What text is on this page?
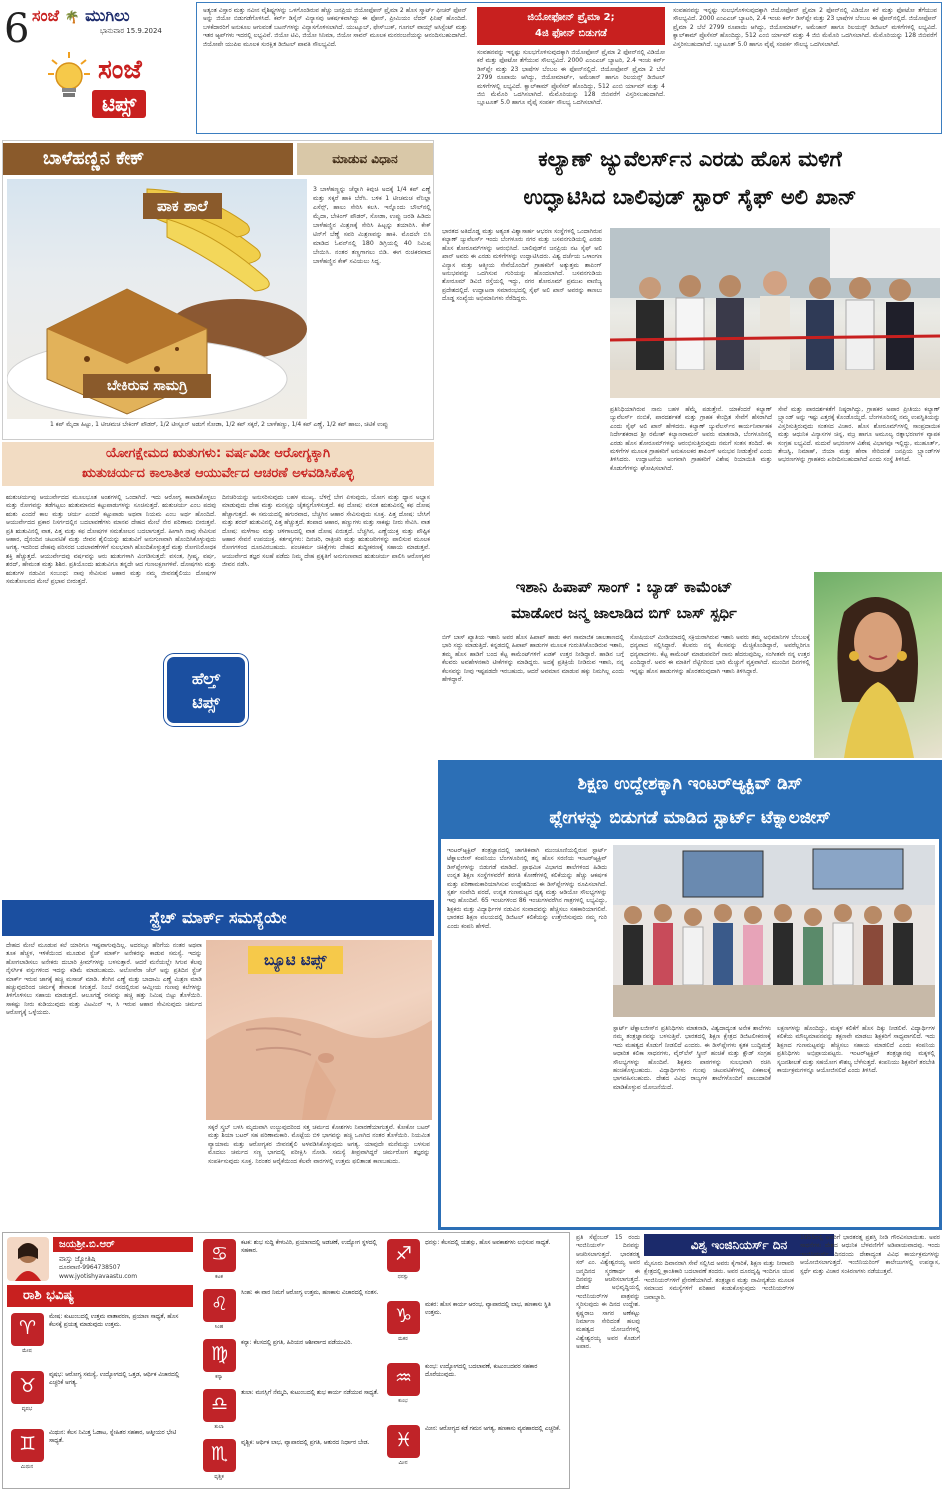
6 ಸಂಜೆ 🌴 ಮುಗಿಲು
ಭಾನುವಾರ 15.9.2024
ಸಂಜೆ
ಟಿಪ್ಸ್
ಅತ್ಯಂತ ವಿಸ್ತಾರ ಮತ್ತು ನವೀನ ವೈಶಿಷ್ಟ್ಯಗಳನ್ನು ಒಳಗೊಂಡಿರುವ ಹೆಚ್ಚು ಜನಪ್ರಿಯ ಜಿಯೋಫೋನ್ ಪ್ರೈಮಾ 2 ಹೊಸ ಸ್ಮಾರ್ಟ್ ಫೀಚರ್ ಫೋನ್ ಅನ್ನು ಜಿಯೋ ಬಿಡುಗಡೆಗೊಳಿಸಿದೆ. ಕರ್ವ್ ಡಿಸೈನ್ ವಿನ್ಯಾಸವು ಆಕರ್ಷಕವಾಗಿದ್ದು ಈ ಫೋನ್, ಪ್ರೀಮಿಯಂ ಲೆದರ್ ಫಿನಿಷ್ ಹೊಂದಿದೆ. ಬಳಕೆದಾರರಿಗೆ ಅನುಕೂಲ ಆಗುವಂತೆ ಬಟನ್‌ಗಳನ್ನು ವಿನ್ಯಾಸಗೊಳಿಸಲಾಗಿದೆ. ಯುಟ್ಯೂಬ್, ಫೇಸ್‌ಬುಕ್, ಗೂಗಲ್ ವಾಯ್ಸ್ ಅಸಿಸ್ಟೆಂಟ್ ಮತ್ತು ಇತರ ಆ್ಯಪ್‌ಗಳು ಇದರಲ್ಲಿ ಲಭ್ಯವಿವೆ. ಜಿಯೋ ಟಿವಿ, ಜಿಯೋ ಸಿನಿಮಾ, ಜಿಯೋ ಸಾವನ್ ಮೂಲಕ ಮನರಂಜನೆಯನ್ನು ಆನಂದಿಸಬಹುದಾಗಿದೆ. ಜಿಯೋಪೇ ಯುಪಿಐ ಮೂಲಕ ಸುರಕ್ಷಿತ ಡಿಜಿಟಲ್ ಪಾವತಿ ಸೌಲಭ್ಯವಿದೆ.
ಜಿಯೋಫೋನ್ ಪ್ರೈಮಾ 2;
4ಜಿ ಫೋನ್ ಬಿಡುಗಡೆ
ಸಂವಹನವನ್ನು ಇನ್ನಷ್ಟು ಸುಲಭಗೊಳಿಸುವುದಕ್ಕಾಗಿ ಜಿಯೋಫೋನ್ ಪ್ರೈಮಾ 2 ಫೋನ್‌ನಲ್ಲಿ ವಿಡಿಯೋ ಕರೆ ಮತ್ತು ಫೋಟೋ ತೆಗೆಯುವ ಸೌಲಭ್ಯವಿದೆ. 2000 ಎಂಎಎಚ್ ಬ್ಯಾಟರಿ, 2.4 ಇಂಚು ಕರ್ವ್ ಡಿಸ್‌ಪ್ಲೇ ಮತ್ತು 23 ಭಾಷೆಗಳ ಬೆಂಬಲ ಈ ಫೋನ್‌ನಲ್ಲಿದೆ. ಜಿಯೋಫೋನ್ ಪ್ರೈಮಾ 2 ಬೆಲೆ 2799 ರೂಪಾಯಿ ಆಗಿದ್ದು, ಜಿಯೋಮಾರ್ಟ್, ಅಮೆಜಾನ್ ಹಾಗೂ ರಿಲಯನ್ಸ್ ಡಿಜಿಟಲ್ ಮಳಿಗೆಗಳಲ್ಲಿ ಲಭ್ಯವಿದೆ. ಕ್ವಾಲ್‌ಕಾಮ್ ಪ್ರೊಸೆಸರ್ ಹೊಂದಿದ್ದು, 512 ಎಂಬಿ ರ್ಯಾಮ್ ಮತ್ತು 4 ಜಿಬಿ ಮೆಮೊರಿ ಒದಗಿಸಲಾಗಿದೆ. ಮೆಮೊರಿಯನ್ನು 128 ಜಿಬಿವರೆಗೆ ವಿಸ್ತರಿಸಬಹುದಾಗಿದೆ. ಬ್ಲೂಟೂತ್ 5.0 ಹಾಗೂ ವೈಫೈ ಸಂಪರ್ಕ ಸೌಲಭ್ಯ ಒದಗಿಸಲಾಗಿದೆ.
ಸಂವಹನವನ್ನು ಇನ್ನಷ್ಟು ಸುಲಭಗೊಳಿಸುವುದಕ್ಕಾಗಿ ಜಿಯೋಫೋನ್ ಪ್ರೈಮಾ 2 ಫೋನ್‌ನಲ್ಲಿ ವಿಡಿಯೋ ಕರೆ ಮತ್ತು ಫೋಟೋ ತೆಗೆಯುವ ಸೌಲಭ್ಯವಿದೆ. 2000 ಎಂಎಎಚ್ ಬ್ಯಾಟರಿ, 2.4 ಇಂಚು ಕರ್ವ್ ಡಿಸ್‌ಪ್ಲೇ ಮತ್ತು 23 ಭಾಷೆಗಳ ಬೆಂಬಲ ಈ ಫೋನ್‌ನಲ್ಲಿದೆ. ಜಿಯೋಫೋನ್ ಪ್ರೈಮಾ 2 ಬೆಲೆ 2799 ರೂಪಾಯಿ ಆಗಿದ್ದು, ಜಿಯೋಮಾರ್ಟ್, ಅಮೆಜಾನ್ ಹಾಗೂ ರಿಲಯನ್ಸ್ ಡಿಜಿಟಲ್ ಮಳಿಗೆಗಳಲ್ಲಿ ಲಭ್ಯವಿದೆ. ಕ್ವಾಲ್‌ಕಾಮ್ ಪ್ರೊಸೆಸರ್ ಹೊಂದಿದ್ದು, 512 ಎಂಬಿ ರ್ಯಾಮ್ ಮತ್ತು 4 ಜಿಬಿ ಮೆಮೊರಿ ಒದಗಿಸಲಾಗಿದೆ. ಮೆಮೊರಿಯನ್ನು 128 ಜಿಬಿವರೆಗೆ ವಿಸ್ತರಿಸಬಹುದಾಗಿದೆ. ಬ್ಲೂಟೂತ್ 5.0 ಹಾಗೂ ವೈಫೈ ಸಂಪರ್ಕ ಸೌಲಭ್ಯ ಒದಗಿಸಲಾಗಿದೆ.
ಬಾಳೆಹಣ್ಣಿನ ಕೇಕ್	ಮಾಡುವ ವಿಧಾನ
ಪಾಕ ಶಾಲೆ
ಬೇಕಿರುವ ಸಾಮಗ್ರಿ
3 ಬಾಳೆಹಣ್ಣನ್ನು ಚೆನ್ನಾಗಿ ಕಿವುಚಿ ಅದಕ್ಕೆ 1/4 ಕಪ್ ಎಣ್ಣೆ ಮತ್ತು ಸಕ್ಕರೆ ಹಾಕಿ ಬೆರೆಸಿ. ಬಳಿಕ 1 ಟೀಚಮಚ ವೆನಿಲ್ಲಾ ಎಸೆನ್ಸ್, ಹಾಲು ಸೇರಿಸಿ ಕಲಸಿ. ಇನ್ನೊಂದು ಬೌಲ್‌ನಲ್ಲಿ ಮೈದಾ, ಬೇಕಿಂಗ್ ಪೌಡರ್, ಸೋಡಾ, ಉಪ್ಪು ಜರಡಿ ಹಿಡಿದು ಬಾಳೆಹಣ್ಣಿನ ಮಿಶ್ರಣಕ್ಕೆ ಸೇರಿಸಿ ಹಿಟ್ಟನ್ನು ತಯಾರಿಸಿ. ಕೇಕ್ ಟಿನ್‌ಗೆ ಬೆಣ್ಣೆ ಸವರಿ ಮಿಶ್ರಣವನ್ನು ಹಾಕಿ. ಮೊದಲೇ ಬಿಸಿ ಮಾಡಿದ ಓವನ್‌ನಲ್ಲಿ 180 ಡಿಗ್ರಿಯಲ್ಲಿ 40 ನಿಮಿಷ ಬೇಯಿಸಿ. ನಂತರ ತಣ್ಣಗಾಗಲು ಬಿಡಿ. ಈಗ ರುಚಿಕರವಾದ ಬಾಳೆಹಣ್ಣಿನ ಕೇಕ್ ಸವಿಯಲು ಸಿದ್ಧ.
1 ಕಪ್ ಮೈದಾ ಹಿಟ್ಟು, 1 ಟೀಚಮಚ ಬೇಕಿಂಗ್ ಪೌಡರ್, 1/2 ಟೀಸ್ಪೂನ್ ಅಡುಗೆ ಸೋಡಾ, 1/2 ಕಪ್ ಸಕ್ಕರೆ, 2 ಬಾಳೆಹಣ್ಣು, 1/4 ಕಪ್ ಎಣ್ಣೆ, 1/2 ಕಪ್ ಹಾಲು, ಚಿಟಿಕೆ ಉಪ್ಪು
ಕಲ್ಯಾಣ್ ಜ್ಯುವೆಲರ್ಸ್‌ನ ಎರಡು ಹೊಸ ಮಳಿಗೆ
ಉದ್ಘಾಟಿಸಿದ ಬಾಲಿವುಡ್ ಸ್ಟಾರ್ ಸೈಫ್ ಅಲಿ ಖಾನ್
ಭಾರತದ ಅತಿದೊಡ್ಡ ಮತ್ತು ಅತ್ಯಂತ ವಿಶ್ವಾಸಾರ್ಹ ಆಭರಣ ಸಂಸ್ಥೆಗಳಲ್ಲಿ ಒಂದಾಗಿರುವ ಕಲ್ಯಾಣ್ ಜ್ಯುವೆಲರ್ಸ್ ಇಂದು ಬೆಂಗಳೂರು ನಗರ ಮತ್ತು ಬಸವನಗುಡಿಯಲ್ಲಿ ಎರಡು ಹೊಸ ಶೋರೂಮ್‌ಗಳನ್ನು ಆರಂಭಿಸಿದೆ. ಬಾಲಿವುಡ್‌ನ ಜನಪ್ರಿಯ ನಟ ಸೈಫ್ ಅಲಿ ಖಾನ್ ಅವರು ಈ ಎರಡು ಮಳಿಗೆಗಳನ್ನು ಉದ್ಘಾಟಿಸಿದರು. ವಿಶ್ವ ದರ್ಜೆಯ ಒಳಾಂಗಣ ವಿನ್ಯಾಸ ಮತ್ತು ಆತ್ಮೀಯ ಸೇವೆಯೊಂದಿಗೆ ಗ್ರಾಹಕರಿಗೆ ಅತ್ಯುತ್ತಮ ಶಾಪಿಂಗ್ ಅನುಭವವನ್ನು ಒದಗಿಸುವ ಗುರಿಯನ್ನು ಹೊಂದಲಾಗಿದೆ. ಬಸವನಗುಡಿಯ ಶೋರೂಮ್ ಡಿವಿಜಿ ರಸ್ತೆಯಲ್ಲಿ ಇದ್ದು, ನಗರ ಶೋರೂಮ್ ಪ್ರಮುಖ ವಾಣಿಜ್ಯ ಪ್ರದೇಶದಲ್ಲಿದೆ. ಉದ್ಘಾಟನಾ ಸಮಾರಂಭದಲ್ಲಿ ಸೈಫ್ ಅಲಿ ಖಾನ್ ಅವರನ್ನು ಕಾಣಲು ದೊಡ್ಡ ಸಂಖ್ಯೆಯ ಅಭಿಮಾನಿಗಳು ನೆರೆದಿದ್ದರು.
ಪ್ರತಿನಿಧಿಯಾಗಿರುವ ನಾನು ಬಹಳ ಹೆಮ್ಮೆ ಪಡುತ್ತೇನೆ. ಯಾಕೆಂದರೆ ಕಲ್ಯಾಣ್ ಜ್ಯುವೆಲರ್ಸ್ ನಂಬಿಕೆ, ಪಾರದರ್ಶಕತೆ ಮತ್ತು ಗ್ರಾಹಕ ಕೇಂದ್ರಿತ ಸೇವೆಗೆ ಹೆಸರಾಗಿದೆ ಎಂದು ಸೈಫ್ ಅಲಿ ಖಾನ್ ಹೇಳಿದರು. ಕಲ್ಯಾಣ್ ಜ್ಯುವೆಲರ್ಸ್‌ನ ಕಾರ್ಯನಿರ್ವಾಹಕ ನಿರ್ದೇಶಕರಾದ ಶ್ರೀ ರಮೇಶ್ ಕಲ್ಯಾಣರಾಮನ್ ಅವರು ಮಾತನಾಡಿ, ಬೆಂಗಳೂರಿನಲ್ಲಿ ಎರಡು ಹೊಸ ಶೋರೂಮ್‌ಗಳನ್ನು ಆರಂಭಿಸುತ್ತಿರುವುದು ನಮಗೆ ಸಂತಸ ತಂದಿದೆ. ಈ ಮಳಿಗೆಗಳ ಮೂಲಕ ಗ್ರಾಹಕರಿಗೆ ಅನುಕೂಲಕರ ಶಾಪಿಂಗ್ ಅನುಭವ ನೀಡುತ್ತೇವೆ ಎಂದು ತಿಳಿಸಿದರು. ಉದ್ಘಾಟನೆಯ ಅಂಗವಾಗಿ ಗ್ರಾಹಕರಿಗೆ ವಿಶೇಷ ರಿಯಾಯಿತಿ ಮತ್ತು ಕೊಡುಗೆಗಳನ್ನು ಘೋಷಿಸಲಾಗಿದೆ.
ಸೇವೆ ಮತ್ತು ಪಾರದರ್ಶಕತೆಗೆ ನಿಷ್ಠರಾಗಿದ್ದು, ಗ್ರಾಹಕರ ಅಪಾರ ಪ್ರೀತಿಯು ಕಲ್ಯಾಣ್ ಬ್ರ್ಯಾಂಡ್ ಅನ್ನು ಇಷ್ಟು ಎತ್ತರಕ್ಕೆ ಕೊಂಡೊಯ್ದಿದೆ. ಬೆಂಗಳೂರಿನಲ್ಲಿ ನಮ್ಮ ಉಪಸ್ಥಿತಿಯನ್ನು ವಿಸ್ತರಿಸುತ್ತಿರುವುದು ಸಂತಸದ ವಿಚಾರ. ಹೊಸ ಶೋರೂಮ್‌ಗಳಲ್ಲಿ ಸಾಂಪ್ರದಾಯಿಕ ಮತ್ತು ಆಧುನಿಕ ವಿನ್ಯಾಸಗಳ ಚಿನ್ನ, ವಜ್ರ ಹಾಗೂ ಅಮೂಲ್ಯ ರತ್ನಾಭರಣಗಳ ವ್ಯಾಪಕ ಸಂಗ್ರಹ ಲಭ್ಯವಿದೆ. ಮದುವೆ ಆಭರಣಗಳ ವಿಶೇಷ ವಿಭಾಗವೂ ಇಲ್ಲಿದ್ದು, ಮುಹೂರ್ತ್, ತೇಜಸ್ವಿ, ನಿಮಾಹ್, ಜಿಯಾ ಮತ್ತು ಹೇರಾ ಸೇರಿದಂತೆ ಜನಪ್ರಿಯ ಬ್ರ್ಯಾಂಡ್‌ಗಳ ಆಭರಣಗಳನ್ನು ಗ್ರಾಹಕರು ಖರೀದಿಸಬಹುದಾಗಿದೆ ಎಂದು ಸಂಸ್ಥೆ ತಿಳಿಸಿದೆ.
ಯೋಗಕ್ಷೇಮದ ಋತುಗಳು: ವರ್ಷವಿಡೀ ಆರೋಗ್ಯಕ್ಕಾಗಿ
ಋತುಚರ್ಯದ ಕಾಲಾತೀತ ಆಯುರ್ವೇದ ಆಚರಣೆ ಅಳವಡಿಸಿಕೊಳ್ಳಿ
ಋತುಚರ್ಯವು ಆಯುರ್ವೇದದ ಮೂಲಭೂತ ಅಂಶಗಳಲ್ಲಿ ಒಂದಾಗಿದೆ. ಇದು ಆರೋಗ್ಯ ಕಾಪಾಡಿಕೊಳ್ಳಲು ಮತ್ತು ರೋಗವನ್ನು ತಡೆಗಟ್ಟಲು ಋತುಮಾನದ ಕಟ್ಟುಪಾಡುಗಳನ್ನು ಸೂಚಿಸುತ್ತದೆ. ಋತುಚರ್ಯ ಎಂಬ ಪದವು ಋತು ಎಂದರೆ ಕಾಲ ಮತ್ತು ಚರ್ಯ ಎಂದರೆ ಕಟ್ಟುಪಾಡು ಅಥವಾ ನಿಯಮ ಎಂಬ ಅರ್ಥ ಹೊಂದಿದೆ. ಆಯುರ್ವೇದದ ಪ್ರಕಾರ ನಿಸರ್ಗದಲ್ಲಿನ ಬದಲಾವಣೆಗಳು ಮಾನವ ದೇಹದ ಮೇಲೆ ನೇರ ಪರಿಣಾಮ ಬೀರುತ್ತವೆ. ಪ್ರತಿ ಋತುವಿನಲ್ಲಿ ವಾತ, ಪಿತ್ತ ಮತ್ತು ಕಫ ದೋಷಗಳ ಸಮತೋಲನ ಬದಲಾಗುತ್ತದೆ. ಹೀಗಾಗಿ ನಾವು ಸೇವಿಸುವ ಆಹಾರ, ದೈನಂದಿನ ಚಟುವಟಿಕೆ ಮತ್ತು ಜೀವನ ಶೈಲಿಯನ್ನು ಋತುವಿಗೆ ಅನುಗುಣವಾಗಿ ಹೊಂದಿಸಿಕೊಳ್ಳುವುದು ಅಗತ್ಯ. ಇದರಿಂದ ದೇಹವು ಪರಿಸರದ ಬದಲಾವಣೆಗಳಿಗೆ ಸುಲಭವಾಗಿ ಹೊಂದಿಕೊಳ್ಳುತ್ತದೆ ಮತ್ತು ರೋಗನಿರೋಧಕ ಶಕ್ತಿ ಹೆಚ್ಚುತ್ತದೆ. ಆಯುರ್ವೇದವು ವರ್ಷವನ್ನು ಆರು ಋತುಗಳಾಗಿ ವಿಂಗಡಿಸುತ್ತದೆ: ವಸಂತ, ಗ್ರೀಷ್ಮ, ವರ್ಷ, ಶರದ್, ಹೇಮಂತ ಮತ್ತು ಶಿಶಿರ. ಪ್ರತಿಯೊಂದು ಋತುವಿಗೂ ತನ್ನದೇ ಆದ ಗುಣಲಕ್ಷಣಗಳಿವೆ. ದೋಷಗಳು ಮತ್ತು ಋತುಗಳ ನಡುವಿನ ಸಂಬಂಧ: ನಾವು ಸೇವಿಸುವ ಆಹಾರ ಮತ್ತು ನಮ್ಮ ಜೀವನಶೈಲಿಯು ದೋಷಗಳ ಸಮತೋಲನದ ಮೇಲೆ ಪ್ರಭಾವ ಬೀರುತ್ತದೆ.
ದಿನಚರಿಯನ್ನು ಅನುಸರಿಸುವುದು ಬಹಳ ಮುಖ್ಯ. ಬೆಳಿಗ್ಗೆ ಬೇಗ ಏಳುವುದು, ಯೋಗ ಮತ್ತು ಧ್ಯಾನ ಅಭ್ಯಾಸ ಮಾಡುವುದು ದೇಹ ಮತ್ತು ಮನಸ್ಸನ್ನು ಚೈತನ್ಯಗೊಳಿಸುತ್ತದೆ. ಕಫ ದೋಷ: ವಸಂತ ಋತುವಿನಲ್ಲಿ ಕಫ ದೋಷ ಹೆಚ್ಚಾಗುತ್ತದೆ. ಈ ಸಮಯದಲ್ಲಿ ಹಗುರವಾದ, ಬೆಚ್ಚಗಿನ ಆಹಾರ ಸೇವಿಸುವುದು ಸೂಕ್ತ. ಪಿತ್ತ ದೋಷ: ಬೇಸಿಗೆ ಮತ್ತು ಶರದ್ ಋತುವಿನಲ್ಲಿ ಪಿತ್ತ ಹೆಚ್ಚುತ್ತದೆ. ತಂಪಾದ ಆಹಾರ, ಹಣ್ಣುಗಳು ಮತ್ತು ಸಾಕಷ್ಟು ನೀರು ಸೇವಿಸಿ. ವಾತ ದೋಷ: ಮಳೆಗಾಲ ಮತ್ತು ಚಳಿಗಾಲದಲ್ಲಿ ವಾತ ದೋಷ ಏರುತ್ತದೆ. ಬೆಚ್ಚಗಿನ, ಎಣ್ಣೆಯುಕ್ತ ಮತ್ತು ಪೌಷ್ಟಿಕ ಆಹಾರ ಸೇವನೆ ಉಪಯುಕ್ತ. ಕರ್ತವ್ಯಗಳು: ದಿನಚರಿ, ರಾತ್ರಿಚರಿ ಮತ್ತು ಋತುಚರಿಗಳನ್ನು ಪಾಲಿಸುವ ಮೂಲಕ ರೋಗಗಳಿಂದ ದೂರವಿರಬಹುದು. ಪಂಚಕರ್ಮ ಚಿಕಿತ್ಸೆಗಳು ದೇಹದ ಶುದ್ಧೀಕರಣಕ್ಕೆ ಸಹಾಯ ಮಾಡುತ್ತವೆ. ಆಯುರ್ವೇದ ತಜ್ಞರ ಸಲಹೆ ಪಡೆದು ನಿಮ್ಮ ದೇಹ ಪ್ರಕೃತಿಗೆ ಅನುಗುಣವಾದ ಋತುಚರ್ಯ ಪಾಲಿಸಿ ಆರೋಗ್ಯಕರ ಜೀವನ ನಡೆಸಿ.
ಹೆಲ್ತ್
ಟಿಪ್ಸ್
ಇಶಾನಿ ಹಿಪಾಪ್ ಸಾಂಗ್ : ಬ್ಯಾಡ್ ಕಾಮೆಂಟ್
ಮಾಡೋರ ಜನ್ಮ ಜಾಲಾಡಿದ ಬಿಗ್ ಬಾಸ್ ಸ್ಪರ್ಧಿ
ಬಿಗ್ ಬಾಸ್ ಖ್ಯಾತಿಯ ಇಶಾನಿ ಅವರ ಹೊಸ ಹಿಪಾಪ್ ಹಾಡು ಈಗ ಸಾಮಾಜಿಕ ಜಾಲತಾಣದಲ್ಲಿ ಭಾರಿ ಸದ್ದು ಮಾಡುತ್ತಿದೆ. ಕನ್ನಡದಲ್ಲಿ ಹಿಪಾಪ್ ಹಾಡುಗಳ ಮೂಲಕ ಗುರುತಿಸಿಕೊಂಡಿರುವ ಇಶಾನಿ, ತಮ್ಮ ಹೊಸ ಹಾಡಿಗೆ ಬಂದ ಕೆಟ್ಟ ಕಾಮೆಂಟ್‌ಗಳಿಗೆ ಖಡಕ್ ಉತ್ತರ ನೀಡಿದ್ದಾರೆ. ಹಾಡಿನ ಬಗ್ಗೆ ಕೆಲವರು ಅವಹೇಳನಕಾರಿ ಟೀಕೆಗಳನ್ನು ಮಾಡಿದ್ದರು. ಅದಕ್ಕೆ ಪ್ರತಿಕ್ರಿಯೆ ನೀಡಿರುವ ಇಶಾನಿ, ನನ್ನ ಕೆಲಸವನ್ನು ನೀವು ಇಷ್ಟಪಡದೇ ಇರಬಹುದು, ಆದರೆ ಅವಮಾನ ಮಾಡುವ ಹಕ್ಕು ನಿಮಗಿಲ್ಲ ಎಂದು ಹೇಳಿದ್ದಾರೆ.
ಸೋಷಿಯಲ್ ಮೀಡಿಯಾದಲ್ಲಿ ಸಕ್ರಿಯರಾಗಿರುವ ಇಶಾನಿ ಅವರು ತಮ್ಮ ಅಭಿಮಾನಿಗಳ ಬೆಂಬಲಕ್ಕೆ ಧನ್ಯವಾದ ಸಲ್ಲಿಸಿದ್ದಾರೆ. ಕೆಲವರು ನನ್ನ ಕೆಲಸವನ್ನು ಮೆಚ್ಚಿಕೊಂಡಿದ್ದಾರೆ, ಅವರೆಲ್ಲರಿಗೂ ಧನ್ಯವಾದಗಳು. ಕೆಟ್ಟ ಕಾಮೆಂಟ್ ಮಾಡುವವರಿಗೆ ನಾನು ಹೆದರುವುದಿಲ್ಲ, ಸಂಗೀತವೇ ನನ್ನ ಉತ್ತರ ಎಂದಿದ್ದಾರೆ. ಅವರ ಈ ಮಾತಿಗೆ ನೆಟ್ಟಿಗರಿಂದ ಭಾರಿ ಮೆಚ್ಚುಗೆ ವ್ಯಕ್ತವಾಗಿದೆ. ಮುಂದಿನ ದಿನಗಳಲ್ಲಿ ಇನ್ನಷ್ಟು ಹೊಸ ಹಾಡುಗಳನ್ನು ಹೊರತರುವುದಾಗಿ ಇಶಾನಿ ತಿಳಿಸಿದ್ದಾರೆ.
ಶಿಕ್ಷಣ ಉದ್ದೇಶಕ್ಕಾಗಿ ಇಂಟರ್‌ಆ್ಯಕ್ಟಿವ್ ಡಿಸ್
ಪ್ಲೇಗಳನ್ನು ಬಿಡುಗಡೆ ಮಾಡಿದ ಸ್ಟಾರ್ಟ್ ಟೆಕ್ನಾಲಜೀಸ್
ಇಂಟರ್‌ಆ್ಯಕ್ಟಿವ್ ತಂತ್ರಜ್ಞಾನದಲ್ಲಿ ಜಾಗತಿಕವಾಗಿ ಮುಂಚೂಣಿಯಲ್ಲಿರುವ ಸ್ಟಾರ್ಟ್ ಟೆಕ್ನಾಲಜೀಸ್ ಕಂಪನಿಯು ಬೆಂಗಳೂರಿನಲ್ಲಿ ತನ್ನ ಹೊಸ ಸರಣಿಯ ಇಂಟರ್‌ಆ್ಯಕ್ಟಿವ್ ಡಿಸ್‌ಪ್ಲೇಗಳನ್ನು ಬಿಡುಗಡೆ ಮಾಡಿದೆ. ಪ್ರಾಥಮಿಕ ವಿಭಾಗದ ಶಾಲೆಗಳಿಂದ ಹಿಡಿದು ಉನ್ನತ ಶಿಕ್ಷಣ ಸಂಸ್ಥೆಗಳವರೆಗೆ ತರಗತಿ ಕೋಣೆಗಳಲ್ಲಿ ಕಲಿಕೆಯನ್ನು ಹೆಚ್ಚು ಆಕರ್ಷಕ ಮತ್ತು ಪರಿಣಾಮಕಾರಿಯಾಗಿಸುವ ಉದ್ದೇಶದಿಂದ ಈ ಡಿಸ್‌ಪ್ಲೇಗಳನ್ನು ರೂಪಿಸಲಾಗಿದೆ. ಸ್ಪರ್ಶ ಸಂವೇದಿ ಪರದೆ, ಉನ್ನತ ಗುಣಮಟ್ಟದ ದೃಶ್ಯ ಮತ್ತು ಆಡಿಯೋ ಸೌಲಭ್ಯಗಳನ್ನು ಇವು ಹೊಂದಿವೆ. 65 ಇಂಚುಗಳಿಂದ 86 ಇಂಚುಗಳವರೆಗಿನ ಗಾತ್ರಗಳಲ್ಲಿ ಲಭ್ಯವಿದ್ದು, ಶಿಕ್ಷಕರು ಮತ್ತು ವಿದ್ಯಾರ್ಥಿಗಳ ನಡುವಿನ ಸಂವಾದವನ್ನು ಹೆಚ್ಚಿಸಲು ಸಹಕಾರಿಯಾಗಲಿವೆ. ಭಾರತದ ಶಿಕ್ಷಣ ವಲಯದಲ್ಲಿ ಡಿಜಿಟಲ್ ಕಲಿಕೆಯನ್ನು ಉತ್ತೇಜಿಸುವುದು ನಮ್ಮ ಗುರಿ ಎಂದು ಕಂಪನಿ ಹೇಳಿದೆ.
ಸ್ಟಾರ್ಟ್ ಟೆಕ್ನಾಲಜೀಸ್‌ನ ಪ್ರತಿನಿಧಿಗಳು ಮಾತನಾಡಿ, ವಿಶ್ವದಾದ್ಯಂತ ಅನೇಕ ಶಾಲೆಗಳು ನಮ್ಮ ತಂತ್ರಜ್ಞಾನವನ್ನು ಬಳಸುತ್ತಿವೆ. ಭಾರತದಲ್ಲಿ ಶಿಕ್ಷಣ ಕ್ಷೇತ್ರದ ಡಿಜಿಟಲೀಕರಣಕ್ಕೆ ಇದು ಮಹತ್ವದ ಕೊಡುಗೆ ನೀಡಲಿದೆ ಎಂದರು. ಈ ಡಿಸ್‌ಪ್ಲೇಗಳು ಕೃತಕ ಬುದ್ಧಿಮತ್ತೆ ಆಧಾರಿತ ಕಲಿಕಾ ಸಾಧನಗಳು, ವೈರ್‌ಲೆಸ್ ಸ್ಕ್ರೀನ್ ಹಂಚಿಕೆ ಮತ್ತು ಕ್ಲೌಡ್ ಸಂಗ್ರಹ ಸೌಲಭ್ಯಗಳನ್ನು ಹೊಂದಿವೆ. ಶಿಕ್ಷಕರು ಪಾಠಗಳನ್ನು ಸುಲಭವಾಗಿ ರಚಿಸಿ ಹಂಚಿಕೊಳ್ಳಬಹುದು. ವಿದ್ಯಾರ್ಥಿಗಳು ಗುಂಪು ಚಟುವಟಿಕೆಗಳಲ್ಲಿ ಏಕಕಾಲಕ್ಕೆ ಭಾಗವಹಿಸಬಹುದು. ದೇಶದ ವಿವಿಧ ರಾಜ್ಯಗಳ ಶಾಲೆಗಳೊಂದಿಗೆ ಪಾಲುದಾರಿಕೆ ಮಾಡಿಕೊಳ್ಳುವ ಯೋಜನೆಯಿದೆ.
ಲಕ್ಷಣಗಳನ್ನು ಹೊಂದಿದ್ದು, ಮಕ್ಕಳ ಕಲಿಕೆಗೆ ಹೊಸ ದಿಕ್ಕು ನೀಡಲಿವೆ. ವಿದ್ಯಾರ್ಥಿಗಳ ಕಲಿಕೆಯ ಮೌಲ್ಯಮಾಪನವನ್ನು ತಕ್ಷಣವೇ ಮಾಡಲು ಶಿಕ್ಷಕರಿಗೆ ಸಾಧ್ಯವಾಗಲಿದೆ. ಇದು ಶಿಕ್ಷಣದ ಗುಣಮಟ್ಟವನ್ನು ಹೆಚ್ಚಿಸಲು ಸಹಾಯ ಮಾಡಲಿದೆ ಎಂದು ಕಂಪನಿಯ ಪ್ರತಿನಿಧಿಗಳು ಅಭಿಪ್ರಾಯಪಟ್ಟರು. ಇಂಟರ್‌ಆ್ಯಕ್ಟಿವ್ ತಂತ್ರಜ್ಞಾನವು ಮಕ್ಕಳಲ್ಲಿ ಸೃಜನಶೀಲತೆ ಮತ್ತು ಸಹಯೋಗ ಕೌಶಲ್ಯ ಬೆಳೆಸುತ್ತದೆ. ಕಂಪನಿಯು ಶಿಕ್ಷಕರಿಗೆ ತರಬೇತಿ ಕಾರ್ಯಕ್ರಮಗಳನ್ನೂ ಆಯೋಜಿಸಲಿದೆ ಎಂದು ತಿಳಿಸಿದೆ.
ಸ್ಟ್ರೆಚ್ ಮಾರ್ಕ್ ಸಮಸ್ಯೆಯೇ
ದೇಹದ ಮೇಲೆ ಮೂಡುವ ಕಲೆ ಯಾರಿಗೂ ಇಷ್ಟವಾಗುವುದಿಲ್ಲ. ಅದರಲ್ಲೂ ಹೆರಿಗೆಯ ನಂತರ ಅಥವಾ ತೂಕ ಹೆಚ್ಚಳ, ಇಳಿಕೆಯಿಂದ ಮೂಡುವ ಸ್ಟ್ರೆಚ್ ಮಾರ್ಕ್ ಅನೇಕರನ್ನು ಕಾಡುವ ಸಮಸ್ಯೆ. ಇದನ್ನು ಹೋಗಲಾಡಿಸಲು ಅನೇಕರು ದುಬಾರಿ ಕ್ರೀಮ್‌ಗಳನ್ನು ಬಳಸುತ್ತಾರೆ. ಆದರೆ ಮನೆಯಲ್ಲೇ ಸಿಗುವ ಕೆಲವು ನೈಸರ್ಗಿಕ ವಸ್ತುಗಳಿಂದ ಇದನ್ನು ಕಡಿಮೆ ಮಾಡಬಹುದು. ಅಲೋವೆರಾ ಜೆಲ್ ಅನ್ನು ಪ್ರತಿದಿನ ಸ್ಟ್ರೆಚ್ ಮಾರ್ಕ್ ಇರುವ ಜಾಗಕ್ಕೆ ಹಚ್ಚಿ ಮಸಾಜ್ ಮಾಡಿ. ತೆಂಗಿನ ಎಣ್ಣೆ ಮತ್ತು ಬಾದಾಮಿ ಎಣ್ಣೆ ಮಿಶ್ರಣ ಮಾಡಿ ಹಚ್ಚುವುದರಿಂದ ಚರ್ಮಕ್ಕೆ ತೇವಾಂಶ ಸಿಗುತ್ತದೆ. ನಿಂಬೆ ರಸದಲ್ಲಿರುವ ಆಮ್ಲೀಯ ಗುಣವು ಕಲೆಗಳನ್ನು ತಿಳಿಗೊಳಿಸಲು ಸಹಾಯ ಮಾಡುತ್ತದೆ. ಆಲೂಗಡ್ಡೆ ರಸವನ್ನು ಹಚ್ಚಿ ಹತ್ತು ನಿಮಿಷ ಬಿಟ್ಟು ತೊಳೆಯಿರಿ. ಸಾಕಷ್ಟು ನೀರು ಕುಡಿಯುವುದು ಮತ್ತು ವಿಟಮಿನ್ ಇ, ಸಿ ಇರುವ ಆಹಾರ ಸೇವಿಸುವುದು ಚರ್ಮದ ಆರೋಗ್ಯಕ್ಕೆ ಒಳ್ಳೆಯದು.
ಬ್ಯೂಟಿ ಟಿಪ್ಸ್
ಸಕ್ಕರೆ ಸ್ಕ್ರಬ್ ಬಳಸಿ ಮೃದುವಾಗಿ ಉಜ್ಜುವುದರಿಂದ ಸತ್ತ ಚರ್ಮದ ಕೋಶಗಳು ನಿವಾರಣೆಯಾಗುತ್ತವೆ. ಕೋಕೋ ಬಟರ್ ಮತ್ತು ಶಿಯಾ ಬಟರ್ ಸಹ ಪರಿಣಾಮಕಾರಿ. ಮೊಟ್ಟೆಯ ಬಿಳಿ ಭಾಗವನ್ನು ಹಚ್ಚಿ ಒಣಗಿದ ನಂತರ ತೊಳೆಯಿರಿ. ನಿಯಮಿತ ವ್ಯಾಯಾಮ ಮತ್ತು ಆರೋಗ್ಯಕರ ಜೀವನಶೈಲಿ ಅಳವಡಿಸಿಕೊಳ್ಳುವುದು ಅಗತ್ಯ. ಯಾವುದೇ ಮನೆಮದ್ದು ಬಳಸುವ ಮೊದಲು ಚರ್ಮದ ಸಣ್ಣ ಭಾಗದಲ್ಲಿ ಪರೀಕ್ಷಿಸಿ ನೋಡಿ. ಸಮಸ್ಯೆ ತೀವ್ರವಾಗಿದ್ದರೆ ಚರ್ಮರೋಗ ತಜ್ಞರನ್ನು ಸಂಪರ್ಕಿಸುವುದು ಸೂಕ್ತ. ನಿರಂತರ ಆರೈಕೆಯಿಂದ ಕೆಲವೇ ವಾರಗಳಲ್ಲಿ ಉತ್ತಮ ಫಲಿತಾಂಶ ಕಾಣಬಹುದು.
ಜಯಶ್ರೀ.ಬಿ.ಆರ್
ವಾಸ್ತು ಜ್ಯೋತಿಷಿ
ದೂರವಾಣಿ-9964738507
www.jyotishyavaastu.com
ರಾಶಿ ಭವಿಷ್ಯ
♈
ಮೇಷ
ಮೇಷ: ಕುಟುಂಬದಲ್ಲಿ ಉತ್ತಮ ವಾತಾವರಣ, ಪ್ರಯಾಣ ಸಾಧ್ಯತೆ, ಹೊಸ ಕೆಲಸಕ್ಕೆ ಪ್ರಯತ್ನ ಮಾಡುವುದು ಉತ್ತಮ.
♉
ವೃಷಭ
ವೃಷಭ: ಆರೋಗ್ಯ ಸಮಸ್ಯೆ, ಉದ್ಯೋಗದಲ್ಲಿ ಒತ್ತಡ, ಆರ್ಥಿಕ ವಿಚಾರದಲ್ಲಿ ಎಚ್ಚರಿಕೆ ಅಗತ್ಯ.
♊
ಮಿಥುನ
ಮಿಥುನ: ಕೆಲಸ ನಿಮಿತ್ತ ಓಡಾಟ, ಸ್ನೇಹಿತರ ಸಹಕಾರ, ಆತ್ಮೀಯರ ಭೇಟಿ ಸಾಧ್ಯತೆ.
♋
ಕಟಕ
ಕಟಕ: ಶುಭ ಸುದ್ದಿ ಕೇಳುವಿರಿ, ಪ್ರಯಾಣದಲ್ಲಿ ಅಡಚಣೆ, ಉದ್ಯೋಗ ಸ್ಥಳದಲ್ಲಿ ಸಹಕಾರ.
♌
ಸಿಂಹ
ಸಿಂಹ: ಈ ವಾರ ನಿಮಗೆ ಆರೋಗ್ಯ ಉತ್ತಮ, ಹಣಕಾಸು ವಿಚಾರದಲ್ಲಿ ಸಂತಸ.
♍
ಕನ್ಯಾ
ಕನ್ಯಾ: ಕೆಲಸದಲ್ಲಿ ಪ್ರಗತಿ, ಹಿರಿಯರ ಆಶೀರ್ವಾದ ಪಡೆಯುವಿರಿ.
♎
ತುಲಾ
ತುಲಾ: ಮನಸ್ಸಿಗೆ ನೆಮ್ಮದಿ, ಕುಟುಂಬದಲ್ಲಿ ಶುಭ ಕಾರ್ಯ ನಡೆಯುವ ಸಾಧ್ಯತೆ.
♏
ವೃಶ್ಚಿಕ
ವೃಶ್ಚಿಕ: ಆರ್ಥಿಕ ಲಾಭ, ವ್ಯಾಪಾರದಲ್ಲಿ ಪ್ರಗತಿ, ಆತುರದ ನಿರ್ಧಾರ ಬೇಡ.
♐
ಧನಸ್ಸು
ಧನಸ್ಸು: ಕೆಲಸದಲ್ಲಿ ಯಶಸ್ಸು, ಹೊಸ ಅವಕಾಶಗಳು ಲಭಿಸುವ ಸಾಧ್ಯತೆ.
♑
ಮಕರ
ಮಕರ: ಹೊಸ ಕಾರ್ಯ ಆರಂಭ, ವ್ಯಾಪಾರದಲ್ಲಿ ಲಾಭ, ಹಣಕಾಸು ಸ್ಥಿತಿ ಉತ್ತಮ.
♒
ಕುಂಭ
ಕುಂಭ: ಉದ್ಯೋಗದಲ್ಲಿ ಬದಲಾವಣೆ, ಕುಟುಂಬದವರ ಸಹಕಾರ ದೊರೆಯುವುದು.
♓
ಮೀನ
ಮೀನ: ಆರೋಗ್ಯದ ಕಡೆ ಗಮನ ಅಗತ್ಯ, ಹಣಕಾಸು ವ್ಯವಹಾರದಲ್ಲಿ ಎಚ್ಚರಿಕೆ.
ವಿಶ್ವ ಇಂಜಿನಿಯರ್ಸ್ ದಿನ
ಪ್ರತಿ ಸೆಪ್ಟೆಂಬರ್ 15 ರಂದು ಇಂಜಿನಿಯರ್ಸ್ ದಿನವನ್ನು ಆಚರಿಸಲಾಗುತ್ತದೆ. ಭಾರತರತ್ನ ಸರ್ ಎಂ. ವಿಶ್ವೇಶ್ವರಯ್ಯ ಅವರ ಜನ್ಮದಿನದ ಸ್ಮರಣಾರ್ಥ ಈ ದಿನವನ್ನು ಆಚರಿಸಲಾಗುತ್ತದೆ. ದೇಶದ ಅಭಿವೃದ್ಧಿಯಲ್ಲಿ ಇಂಜಿನಿಯರ್‌ಗಳ ಪಾತ್ರವನ್ನು ಸ್ಮರಿಸುವುದು ಈ ದಿನದ ಉದ್ದೇಶ. ಕೃಷ್ಣರಾಜ ಸಾಗರ ಅಣೆಕಟ್ಟು ನಿರ್ಮಾಣ ಸೇರಿದಂತೆ ಹಲವು ಮಹತ್ವದ ಯೋಜನೆಗಳಲ್ಲಿ ವಿಶ್ವೇಶ್ವರಯ್ಯ ಅವರ ಕೊಡುಗೆ ಅಪಾರ.
ಮೈಸೂರು ದಿವಾನರಾಗಿ ಸೇವೆ ಸಲ್ಲಿಸಿದ ಅವರು ಕೈಗಾರಿಕೆ, ಶಿಕ್ಷಣ ಮತ್ತು ನೀರಾವರಿ ಕ್ಷೇತ್ರದಲ್ಲಿ ಕ್ರಾಂತಿಕಾರಿ ಬದಲಾವಣೆ ತಂದರು. ಅವರ ದೂರದೃಷ್ಟಿ ಇಂದಿಗೂ ಯುವ ಇಂಜಿನಿಯರ್‌ಗಳಿಗೆ ಪ್ರೇರಣೆಯಾಗಿದೆ. ತಂತ್ರಜ್ಞಾನ ಮತ್ತು ನಾವೀನ್ಯತೆಯ ಮೂಲಕ ಸಮಾಜದ ಸಮಸ್ಯೆಗಳಿಗೆ ಪರಿಹಾರ ಕಂಡುಕೊಳ್ಳುವುದು ಇಂಜಿನಿಯರ್‌ಗಳ ಜವಾಬ್ದಾರಿ.
1955ರಲ್ಲಿ ಅವರಿಗೆ ಭಾರತರತ್ನ ಪ್ರಶಸ್ತಿ ನೀಡಿ ಗೌರವಿಸಲಾಯಿತು. ಅವರ ಸಾಧನೆಗಳು ದೇಶದ ಆಧುನಿಕ ಬೆಳವಣಿಗೆಗೆ ಅಡಿಪಾಯವಾದವು. ಇಂದು ಇಂಜಿನಿಯರ್ಸ್ ದಿನದಂದು ದೇಶಾದ್ಯಂತ ವಿವಿಧ ಕಾರ್ಯಕ್ರಮಗಳನ್ನು ಆಯೋಜಿಸಲಾಗುತ್ತದೆ. ಇಂಜಿನಿಯರಿಂಗ್ ಕಾಲೇಜುಗಳಲ್ಲಿ ಉಪನ್ಯಾಸ, ಸ್ಪರ್ಧೆ ಮತ್ತು ವಿಚಾರ ಸಂಕಿರಣಗಳು ನಡೆಯುತ್ತವೆ.
